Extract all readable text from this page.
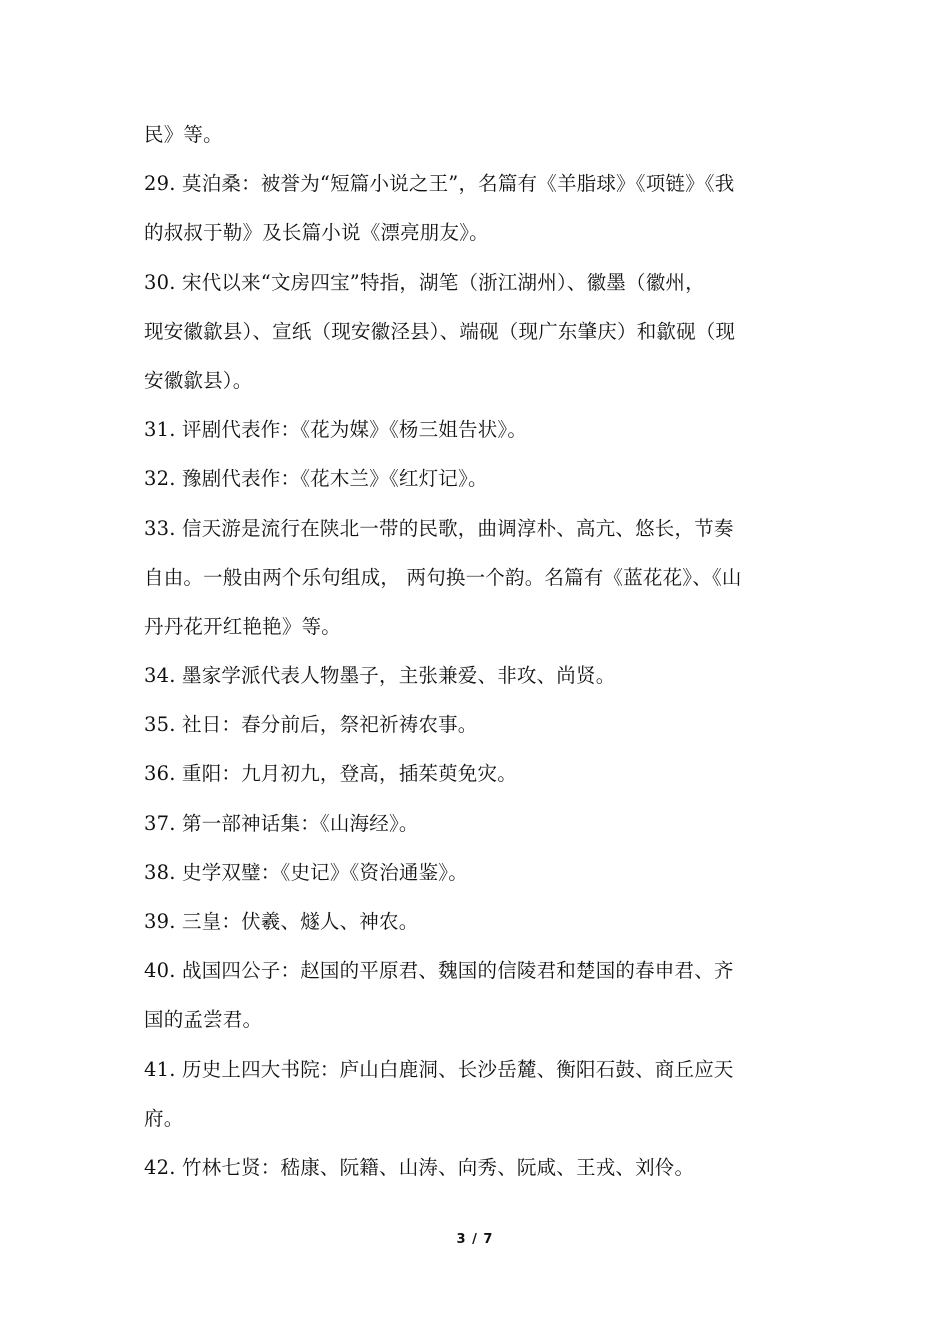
民》等。
29. 莫泊桑：被誉为“短篇小说之王”，名篇有《羊脂球》《项链》《我
的叔叔于勒》及长篇小说《漂亮朋友》。
30. 宋代以来“文房四宝”特指，湖笔（浙江湖州）、徽墨（徽州，
现安徽歙县）、宣纸（现安徽泾县）、端砚（现广东肇庆）和歙砚（现
安徽歙县）。
31. 评剧代表作：《花为媒》《杨三姐告状》。
32. 豫剧代表作：《花木兰》《红灯记》。
33. 信天游是流行在陕北一带的民歌，曲调淳朴、高亢、悠长，节奏
自由。一般由两个乐句组成， 两句换一个韵。名篇有《蓝花花》、《山
丹丹花开红艳艳》等。
34. 墨家学派代表人物墨子，主张兼爱、非攻、尚贤。
35. 社日：春分前后，祭祀祈祷农事。
36. 重阳：九月初九，登高，插茱萸免灾。
37. 第一部神话集：《山海经》。
38. 史学双璧：《史记》《资治通鉴》。
39. 三皇：伏羲、燧人、神农。
40. 战国四公子：赵国的平原君、魏国的信陵君和楚国的春申君、齐
国的孟尝君。
41. 历史上四大书院：庐山白鹿洞、长沙岳麓、衡阳石鼓、商丘应天
府。
42. 竹林七贤：嵇康、阮籍、山涛、向秀、阮咸、王戎、刘伶。
3 / 7
